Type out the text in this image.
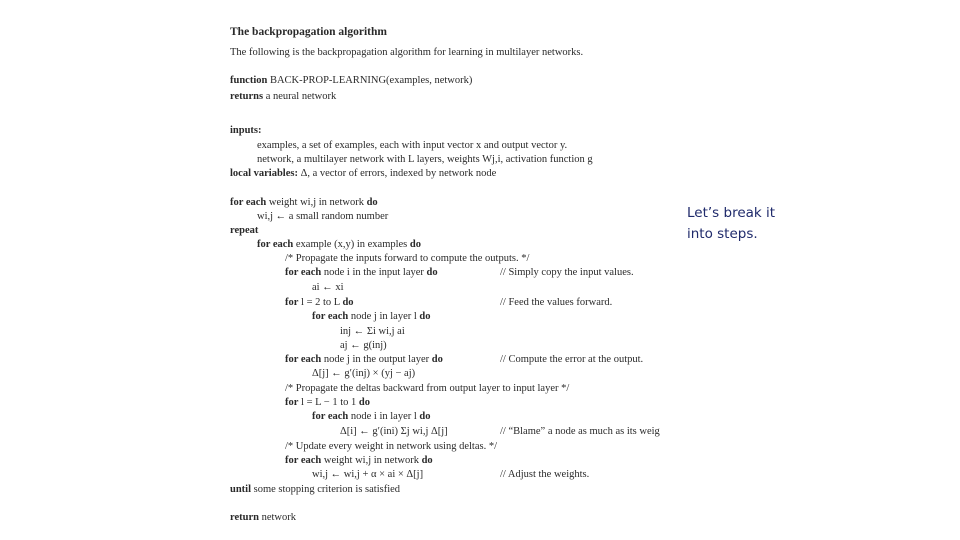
The backpropagation algorithm
The following is the backpropagation algorithm for learning in multilayer networks.
function BACK-PROP-LEARNING(examples, network)
returns a neural network
inputs:
examples, a set of examples, each with input vector x and output vector y.
network, a multilayer network with L layers, weights Wj,i, activation function g
local variables: Δ, a vector of errors, indexed by network node
for each weight wi,j in network do
wi,j ← a small random number
repeat
for each example (x,y) in examples do
/* Propagate the inputs forward to compute the outputs. */
for each node i in the input layer do
ai ← xi
for l = 2 to L do
for each node j in layer l do
inj ← Σi wi,j ai
aj ← g(inj)
for each node j in the output layer do
Δ[j] ← g′(inj) × (yj − aj)
/* Propagate the deltas backward from output layer to input layer */
for l = L − 1 to 1 do
for each node i in layer l do
Δ[i] ← g′(ini) Σj wi,j Δ[j]
/* Update every weight in network using deltas. */
for each weight wi,j in network do
wi,j ← wi,j + α × ai × Δ[j]
until some stopping criterion is satisfied
return network
// Simply copy the input values.
// Feed the values forward.
// Compute the error at the output.
// “Blame” a node as much as its weig
// Adjust the weights.
Let’s break it
into steps.
